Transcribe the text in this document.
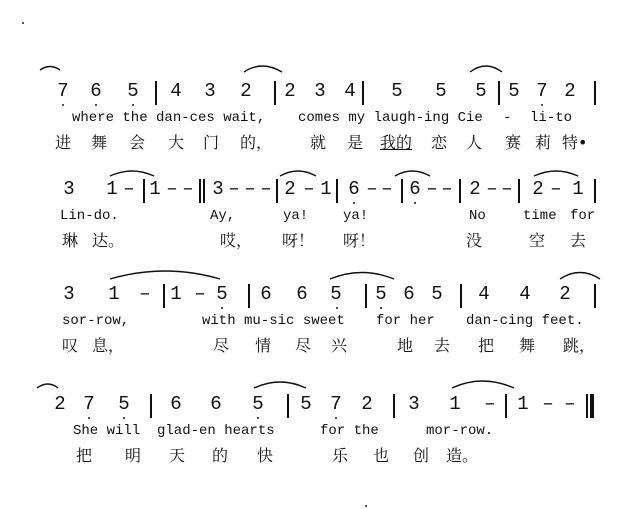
7 6 5 4 3 2 2 3 4 5 5 5 5 7 2
where the dan-ces wait, comes my laugh-ing Cie - li-to
进 舞 会 大 门 的， 就 是 我的 恋 人 赛 莉 特•
3 1 – 1 – – 3 – – – 2 – 1 6 – – 6 – – 2 – – 2 – 1
Lin-do.	Ay,	ya! ya!	No	time for
琳 达。	哎， 呀！ 呀！	没	空 去
3 1 – 1 – 5 6 6 5 5 6 5 4 4 2
sor-row,	with mu-sic sweet for her dan-cing feet.
叹 息，	尽 情 尽 兴	地 去 把 舞 跳，
2 7 5 6 6 5 5 7 2 3 1 – 1 – –
She will glad-en hearts	for the	mor-row.
把 明 天 的 快	乐 也 创 造。
